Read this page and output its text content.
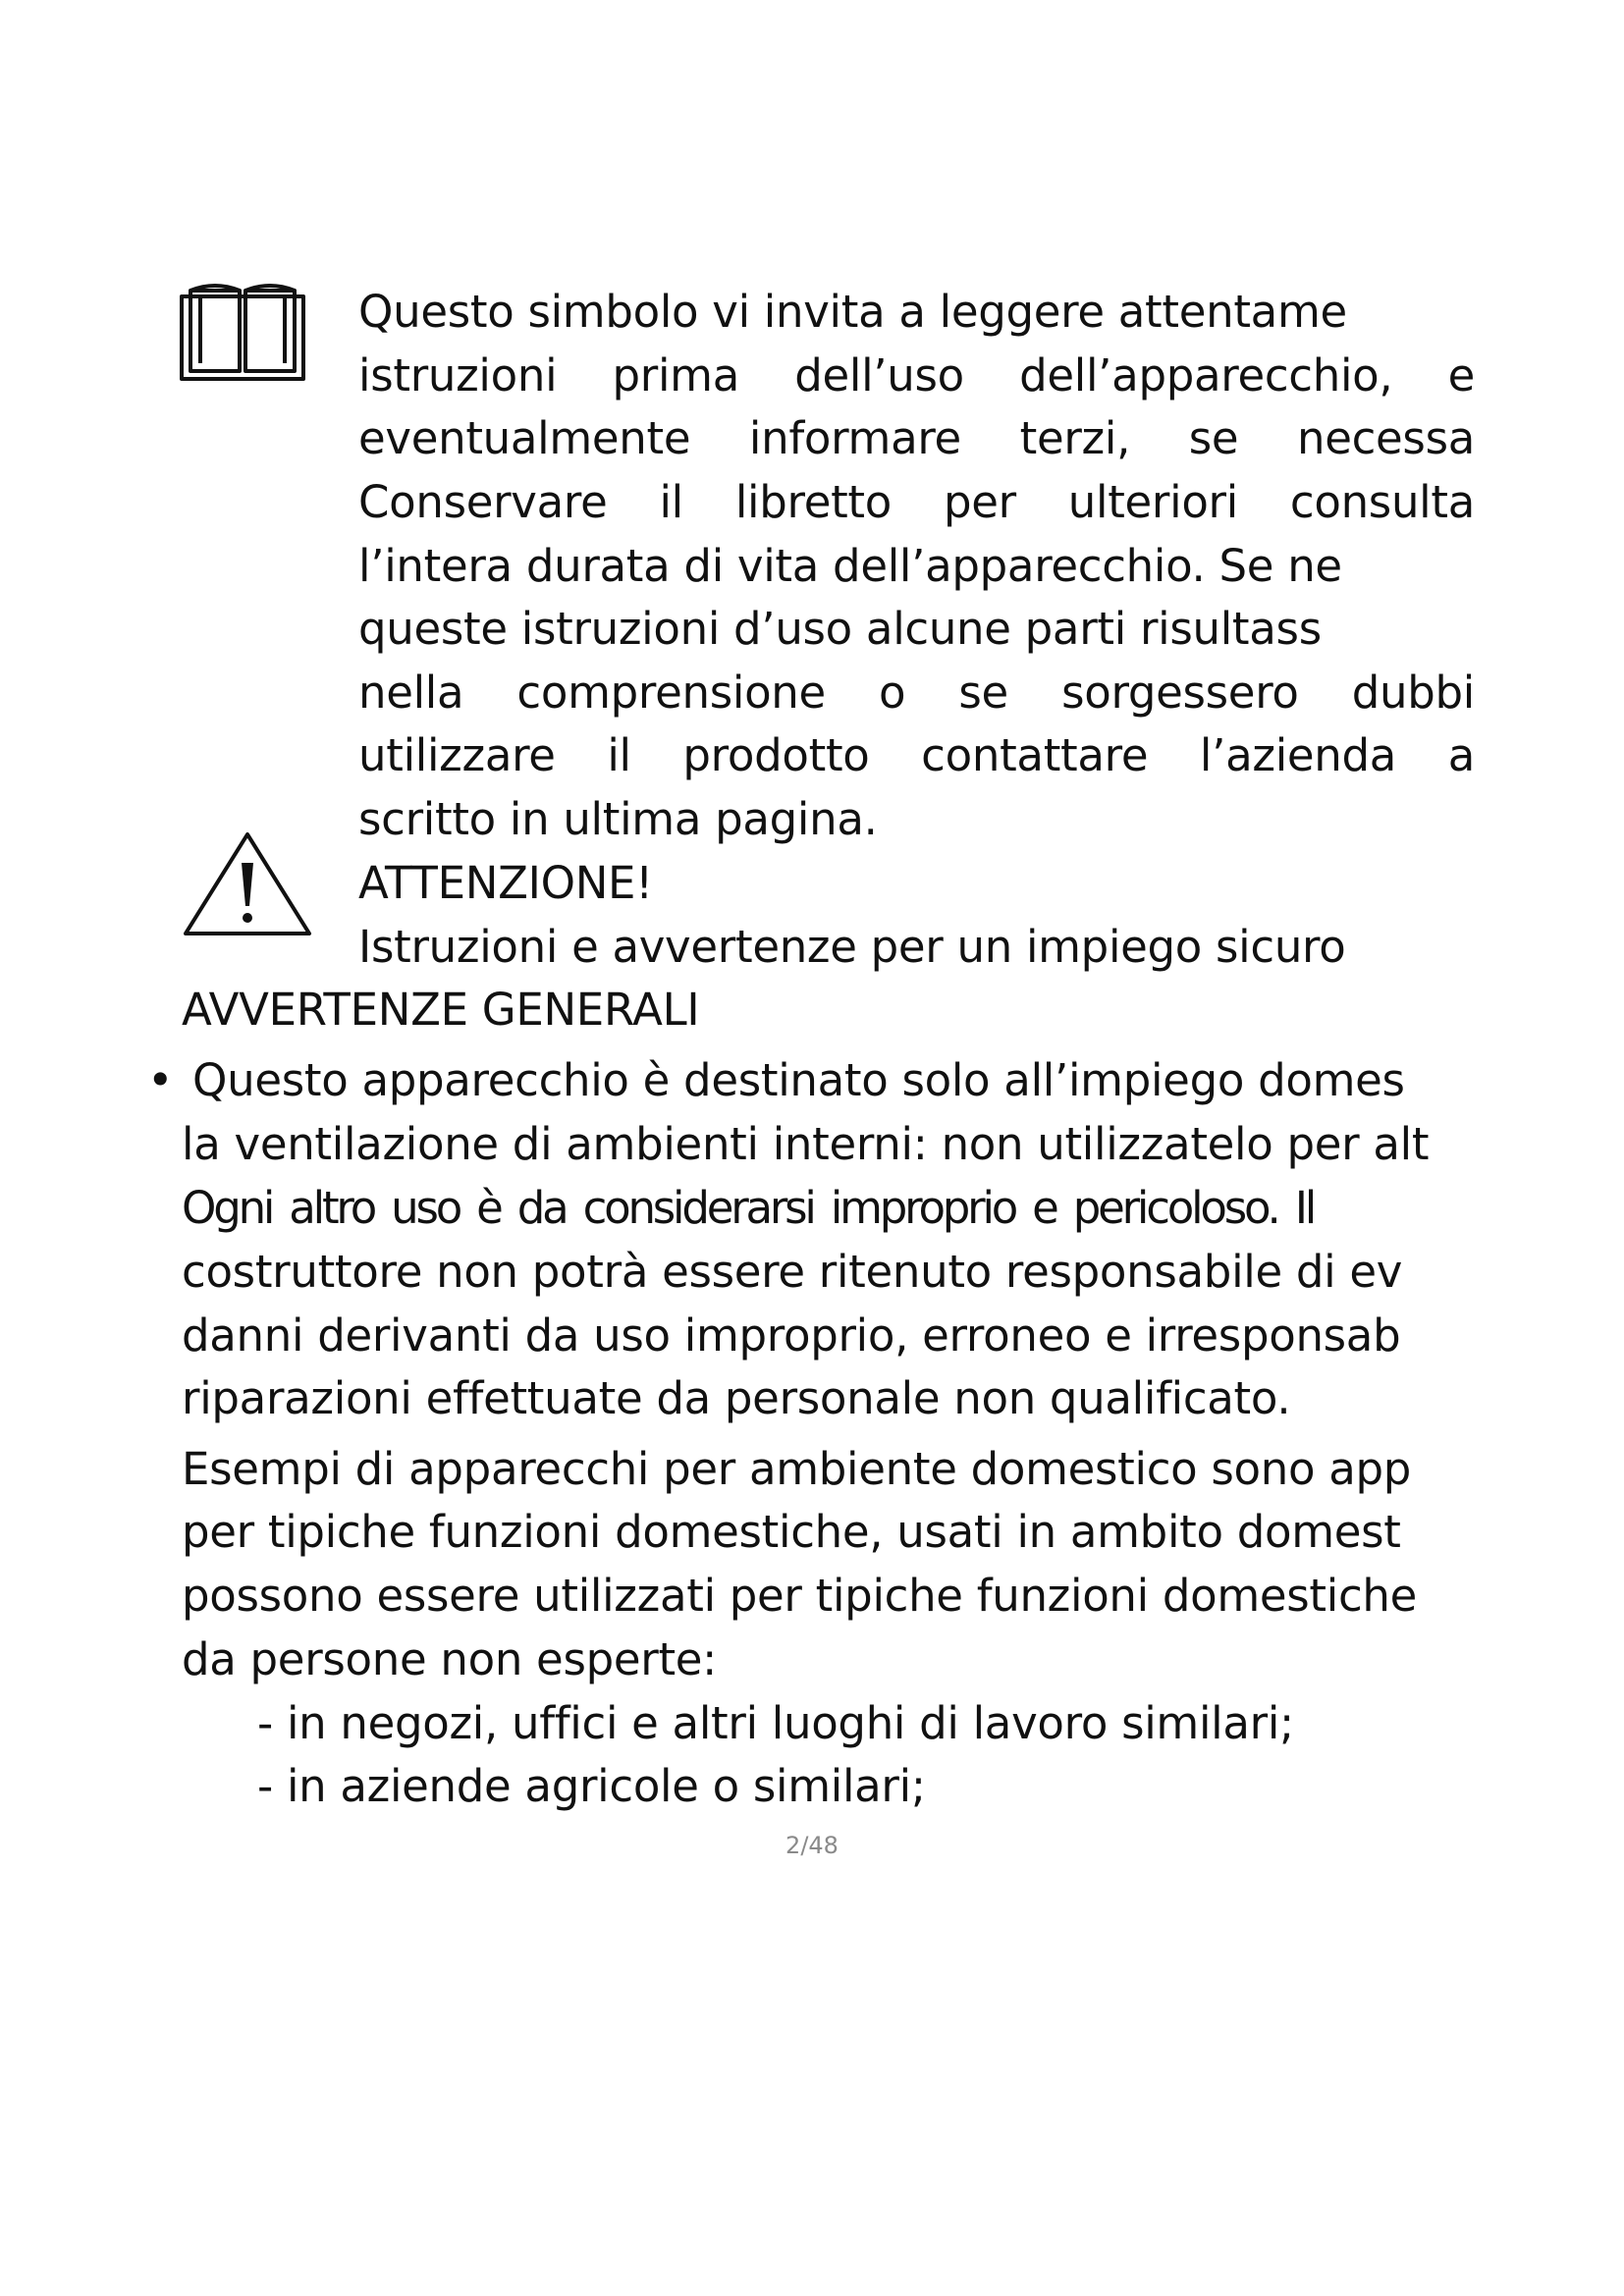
Questo simbolo vi invita a leggere attentame
istruzioni prima dell’uso dell’apparecchio, e
eventualmente informare terzi, se necessa
Conservare il libretto per ulteriori consulta
l’intera durata di vita dell’apparecchio. Se ne
queste istruzioni d’uso alcune parti risultass
nella comprensione o se sorgessero dubbi
utilizzare il prodotto contattare l’azienda a
scritto in ultima pagina.
ATTENZIONE!
Istruzioni e avvertenze per un impiego sicuro
AVVERTENZE GENERALI
• Questo apparecchio è destinato solo all’impiego domes
la ventilazione di ambienti interni: non utilizzatelo per alt
Ogni altro uso è da considerarsi improprio e pericoloso. Il
costruttore non potrà essere ritenuto responsabile di ev
danni derivanti da uso improprio, erroneo e irresponsab
riparazioni effettuate da personale non qualificato.
Esempi di apparecchi per ambiente domestico sono app
per tipiche funzioni domestiche, usati in ambito domest
possono essere utilizzati per tipiche funzioni domestiche
da persone non esperte:
- in negozi, uffici e altri luoghi di lavoro similari;
- in aziende agricole o similari;
2/48
